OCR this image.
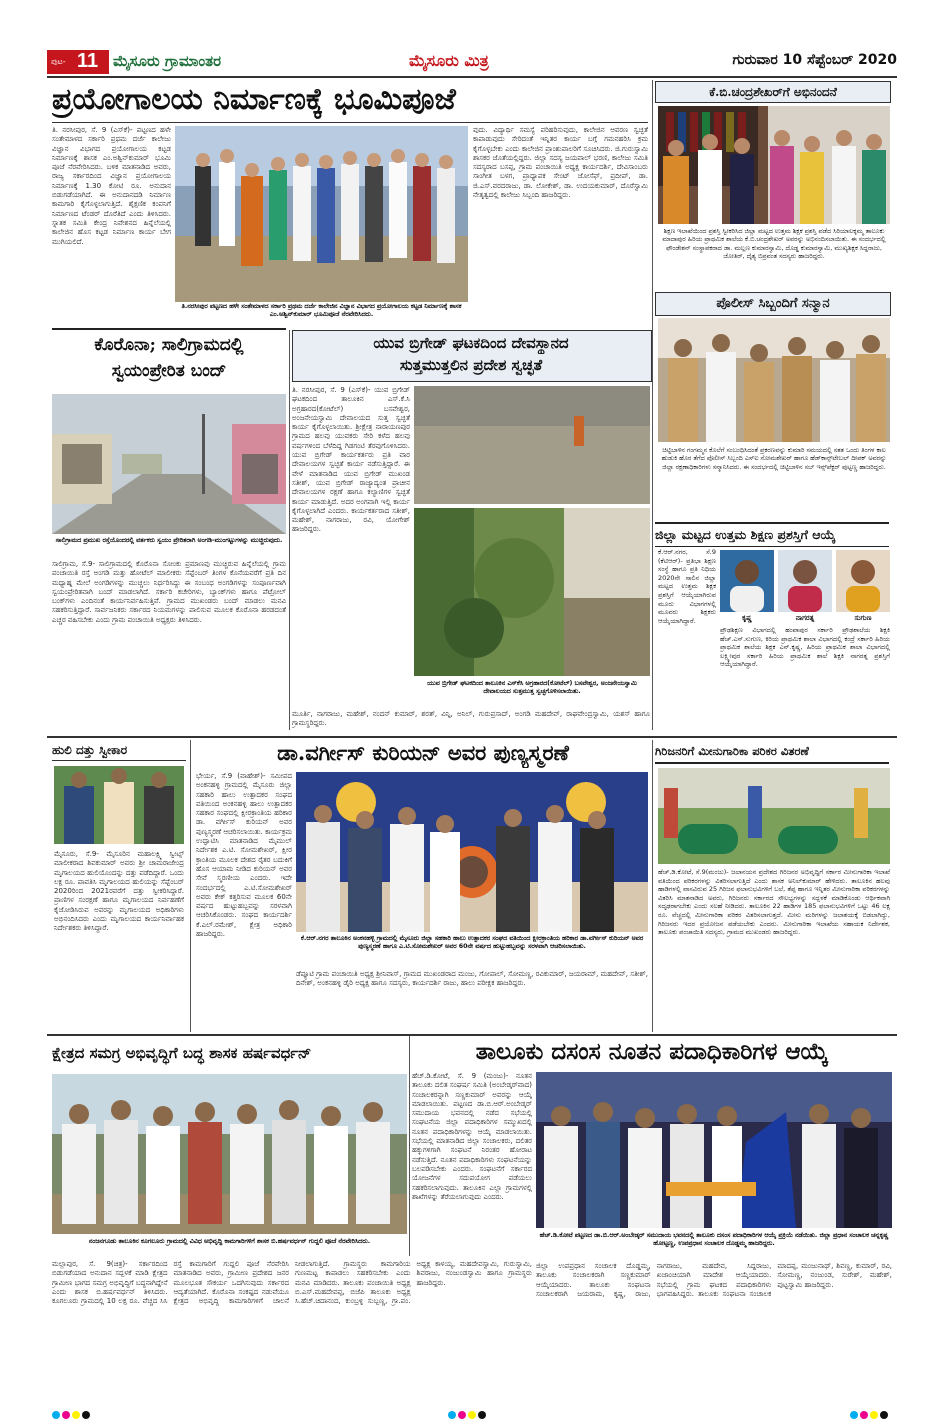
ಪುಟ- 11 ಮೈಸೂರು ಗ್ರಾಮಾಂತರ	ಮೈಸೂರು ಮಿತ್ರ	ಗುರುವಾರ 10 ಸೆಪ್ಟೆಂಬರ್ 2020
ಪ್ರಯೋಗಾಲಯ ನಿರ್ಮಾಣಕ್ಕೆ ಭೂಮಿಪೂಜೆ
ತಿ. ನರಸೀಪುರ, ಸೆ. 9 (ಎಸ್‌ಕೆ)- ಪಟ್ಟಣದ ಹಳೇ ಸಂತೇಮಾಳದ ಸರ್ಕಾರಿ ಪ್ರಥಮ ದರ್ಜೆ ಕಾಲೇಜು ವಿಜ್ಞಾನ ವಿಭಾಗದ ಪ್ರಯೋಗಾಲಯ ಕಟ್ಟಡ ನಿರ್ಮಾಣಕ್ಕೆ ಶಾಸಕ ಎಂ.ಅಶ್ವಿನ್‌ಕುಮಾರ್ ಭೂಮಿ ಪೂಜೆ ನೆರವೇರಿಸಿದರು. ಬಳಿಕ ಮಾತನಾಡಿದ ಅವರು, ರಾಜ್ಯ ಸರ್ಕಾರದಿಂದ ವಿಜ್ಞಾನ ಪ್ರಯೋಗಾಲಯ ನಿರ್ಮಾಣಕ್ಕೆ 1.30 ಕೋಟಿ ರೂ. ಅನುದಾನ ಬಿಡುಗಡೆಯಾಗಿದೆ. ಈ ಅನುದಾನದಡಿ ನಿರ್ಮಾಣ ಕಾಮಗಾರಿ ಕೈಗೊಳ್ಳಲಾಗುತ್ತಿದೆ. ಶೈಕ್ಷಣಿಕ ಕಂಪನಿಗೆ ನಿರ್ಮಾಣದ ಟೆಂಡರ್ ದೊರೆತಿದೆ ಎಂದು ತಿಳಿಸಿದರು. ಸ್ನಾತಕ ಸಮಿತಿ ಕೇಂದ್ರ ನಿವೇಶನದ ಹಿನ್ನೆಲೆಯಲ್ಲಿ ಕಾಲೇಜಿನ ಹೊಸ ಕಟ್ಟಡ ನಿರ್ಮಾಣ ಕಾರ್ಯ ಬೇಗ ಮುಗಿಯಲಿದೆ.
ತಿ.ನರಸೀಪುರ ಪಟ್ಟಣದ ಹಳೇ ಸಂತೇಮಾಳದ ಸರ್ಕಾರಿ ಪ್ರಥಮ ದರ್ಜೆ ಕಾಲೇಜಿನ ವಿಜ್ಞಾನ ವಿಭಾಗದ ಪ್ರಯೋಗಾಲಯ ಕಟ್ಟಡ ನಿರ್ಮಾಣಕ್ಕೆ ಶಾಸಕ ಎಂ.ಅಶ್ವಿನ್‌ಕುಮಾರ್ ಭೂಮಿಪೂಜೆ ನೆರವೇರಿಸಿದರು.
ವುದು. ವಿದ್ಯಾರ್ಥಿ ಸಮಸ್ಯೆ ಪರಿಹರಿಸುವುದು, ಕಾಲೇಜಿನ ಆವರಣ ಸ್ವಚ್ಛತೆ ಕಾಪಾಡುವುದು ಸೇರಿದಂತೆ ಇನ್ನಿತರ ಕಾರ್ಯ ಬಗ್ಗೆ ಗಮನಹರಿಸಿ ಕ್ರಮ ಕೈಗೊಳ್ಳಬೇಕು ಎಂದು ಕಾಲೇಜಿನ ಪ್ರಾಂಶುಪಾಲರಿಗೆ ಸೂಚಿಸಿದರು. ಜಿ.ಗುರುಸ್ವಾಮಿ ಶಾಸಕರ ಜೊತೆಯಲ್ಲಿದ್ದರು. ಜಿಲ್ಲಾ ಸದಸ್ಯ ಜಯಪಾಲ್ ಭರಣಿ, ಕಾಲೇಜು ಸಮಿತಿ ಸದಸ್ಯರಾದ ಬಸಪ್ಪ, ಗ್ರಾಮ ಪಂಚಾಯಿತಿ ಅಧ್ಯಕ್ಷ ಕಾರ್ಯದರ್ಶಿ, ದೇವಿಸಾಂಬರು ಸಾಂಗೀತ ಬಳಗ, ಪ್ರಾಧ್ಯಾಪಕ ಸೇಂಟ್ ಜೋಸೆಫ್, ಪ್ರದೀಪ್, ಡಾ. ಜಿ.ಎಸ್.ವರದರಾಜು, ಡಾ. ಲೋಕೇಶ್, ಡಾ. ಉದಯಕುಮಾರ್, ದೊರೆಸ್ವಾಮಿ ನೇತೃತ್ವದಲ್ಲಿ ಕಾಲೇಜು ಸಿಬ್ಬಂದಿ ಹಾಜರಿದ್ದರು.
ಕೆ.ಬಿ.ಚಂದ್ರಶೇಖರ್‌ಗೆ ಅಭಿನಂದನೆ
ಶಿಕ್ಷಣ ಇಲಾಖೆಯಿಂದ ಪ್ರಶಸ್ತಿ ಸ್ವೀಕರಿಸಿದ ಜಿಲ್ಲಾ ಮಟ್ಟದ ಉತ್ತಮ ಶಿಕ್ಷಕ ಪ್ರಶಸ್ತಿ ಪಡೆದ ಸಿರಿಯಾಲಕ್ಕಮ್ಮ ತಾಲೂಕು ಮಾದಾಪುರ ಹಿರಿಯ ಪ್ರಾಥಮಿಕ ಶಾಲೆಯ ಕೆ.ಬಿ.ಚಂದ್ರಶೇಖರ್ ಅವರನ್ನು ಅಭಿನಂದಿಸಲಾಯಿತು. ಈ ಸಂದರ್ಭದಲ್ಲಿ ಫೌಂಡೇಶನ್ ಸಂಸ್ಥಾಪಕರಾದ ಡಾ. ಮಲ್ಲಣ ಕುಮಾರಸ್ವಾಮಿ, ದೊಡ್ಡ ಕುಮಾರಸ್ವಾಮಿ, ಮುಖ್ಯಶಿಕ್ಷಕ ಸಿದ್ದರಾಜು, ಜೋತಿರ್, ದೈತ್ಯ ಬಿಪ್ರವಂತ ಸದಸ್ಯರು ಹಾಜರಿದ್ದರು.
ಪೊಲೀಸ್ ಸಿಬ್ಬಂದಿಗೆ ಸನ್ಮಾನ
ಚಿಟ್ಟಿಬಾಳಿನ ಗಂಗಮ್ಮನ ಕೊಲೆಗೆ ಸಂಬಂಧಿಸಿದಂತೆ ಪ್ರಕರಣವನ್ನು ಕುಮಾರಿ ಸಮಯದಲ್ಲಿ ಸತತ ಒಂದು ತಿಂಗಳ ಕಾಲ ಹುಡುಕಿ ಹೊರ ತೆಗೆದ ಪೊಲೀಸ್ ಸಿಬ್ಬಂದಿ ಎಸ್‌ಐ ಸೋಮಶೇಖರ್ ಹಾಗೂ ಹೆಡ್‌ಕಾನ್ಸ್‌ಟೇಬಲ್ ದೀಪಕ್ ಅವರನ್ನು ಜಿಲ್ಲಾ ರಕ್ಷಣಾಧಿಕಾರಿಗಳು ಸನ್ಮಾನಿಸಿದರು. ಈ ಸಂದರ್ಭದಲ್ಲಿ ಚಿಟ್ಟಿಬಾಳಿನ ಸಬ್ ಇನ್ಸ್‌ಪೆಕ್ಟರ್ ಪುಟ್ಟಣ್ಣ ಹಾಜರಿದ್ದರು.
ಜಿಲ್ಲಾ ಮಟ್ಟದ ಉತ್ತಮ ಶಿಕ್ಷಣ ಪ್ರಶಸ್ತಿಗೆ ಆಯ್ಕೆ
ಕೆ.ಆರ್.ನಗರ, ಸೆ.9 (ಕೆಟಿಆರ್)- ಪ್ರತಿಭಾ ಶಿಕ್ಷಣ ಸಂಸ್ಥೆ ಹಾಗೂ ಪ್ರತಿ ನಿಧಿಯ 2020ನೇ ಸಾಲಿನ ಜಿಲ್ಲಾ ಮಟ್ಟದ ಉತ್ತಮ ಶಿಕ್ಷಕ ಪ್ರಶಸ್ತಿಗೆ ಆಯ್ಕೆಯಾಗಿರುವ ಮೂರು ವಿಭಾಗಗಳಲ್ಲಿ ಮೂವರು ಶಿಕ್ಷಕರು ಆಯ್ಕೆಯಾಗಿದ್ದಾರೆ.	ಕೃಷ್ಣ	ನಾಗರತ್ನ	ಸುಗುಣ
ಪ್ರೌಢಶಿಕ್ಷಣ ವಿಭಾಗದಲ್ಲಿ ಹಂಪಾಪುರ ಸರ್ಕಾರಿ ಪ್ರೌಢಶಾಲೆಯ ಶಿಕ್ಷಕಿ ಹೆಚ್.ಎಸ್.ಸುಗುಣ, ಕಿರಿಯ ಪ್ರಾಥಮಿಕ ಶಾಲಾ ವಿಭಾಗದಲ್ಲಿ ಕಂದ್ರೆ ಸರ್ಕಾರಿ ಹಿರಿಯ ಪ್ರಾಥಮಿಕ ಶಾಲೆಯ ಶಿಕ್ಷಕ ಎನ್.ಕೃಷ್ಣ, ಹಿರಿಯ ಪ್ರಾಥಮಿಕ ಶಾಲಾ ವಿಭಾಗದಲ್ಲಿ ಲಕ್ಷ್ಮೀಪುರ ಸರ್ಕಾರಿ ಹಿರಿಯ ಪ್ರಾಥಮಿಕ ಶಾಲೆ ಶಿಕ್ಷಕಿ ನಾಗರತ್ನ ಪ್ರಶಸ್ತಿಗೆ ಆಯ್ಕೆಯಾಗಿದ್ದಾರೆ.
ಕೊರೊನಾ; ಸಾಲಿಗ್ರಾಮದಲ್ಲಿ
ಸ್ವಯಂಪ್ರೇರಿತ ಬಂದ್
ಸಾಲಿಗ್ರಾಮದ ಪ್ರಮುಖ ರಸ್ತೆಯೊಂದರಲ್ಲಿ ವರ್ತಕರು ಸ್ವಯಂ ಪ್ರೇರಿತರಾಗಿ ಅಂಗಡಿ-ಮುಂಗಟ್ಟುಗಳನ್ನು ಮುಚ್ಚಿರುವುದು.
ಸಾಲಿಗ್ರಾಮ, ಸೆ.9- ಸಾಲಿಗ್ರಾಮದಲ್ಲಿ ಕೊರೊನಾ ಸೋಂಕು ಪ್ರಮಾಣವು ಮುಚ್ಚಿರುವ ಹಿನ್ನೆಲೆಯಲ್ಲಿ ಗ್ರಾಮ ಪಂಚಾಯಿತಿ ರಸ್ತೆ ಅಂಗಡಿ ಮತ್ತು ಹೋಟೆಲ್ ಮಾಲೀಕರು ಸೆಪ್ಟೆಂಬರ್ ತಿಂಗಳ ಕೊನೆಯವರೆಗೆ ಪ್ರತಿ ದಿನ ಮಧ್ಯಾಹ್ನ ಮೇಲೆ ಅಂಗಡಿಗಳನ್ನು ಮುಚ್ಚಲು ನಿರ್ಧರಿಸಿದ್ದು ಈ ಸಂಬಂಧ ಅಂಗಡಿಗಳನ್ನು ಸಂಪೂರ್ಣವಾಗಿ ಸ್ವಯಂಪ್ರೇರಿತವಾಗಿ ಬಂದ್ ಮಾಡಲಾಗಿದೆ. ಸರ್ಕಾರಿ ಕಚೇರಿಗಳು, ಬ್ಯಾಂಕ್‌ಗಳು ಹಾಗೂ ಪೆಟ್ರೋಲ್ ಬಂಕ್‌ಗಳು ಎಂದಿನಂತೆ ಕಾರ್ಯನಿರ್ವಹಿಸುತ್ತಿವೆ. ಗ್ರಾಮದ ಮುಖಂಡರು ಬಂದ್ ಮಾಡಲು ಮನವಿ ಸಹಕರಿಸುತ್ತಿದ್ದಾರೆ. ಸಾರ್ವಜನಿಕರು ಸರ್ಕಾರದ ನಿಯಮಗಳನ್ನು ಪಾಲಿಸುವ ಮೂಲಕ ಕೊರೊನಾ ಹರಡದಂತೆ ಎಚ್ಚರ ವಹಿಸಬೇಕು ಎಂದು ಗ್ರಾಮ ಪಂಚಾಯಿತಿ ಅಧ್ಯಕ್ಷರು ತಿಳಿಸಿದರು.
ಯುವ ಬ್ರಿಗೇಡ್ ಘಟಕದಿಂದ ದೇವಸ್ಥಾನದ
ಸುತ್ತಮುತ್ತಲಿನ ಪ್ರದೇಶ ಸ್ವಚ್ಛತೆ
ತಿ. ನರಸೀಪುರ, ಸೆ. 9 (ಎಸ್‌ಕೆ)- ಯುವ ಬ್ರಿಗೇಡ್ ಘಟಕದಿಂದ ತಾಲೂಕಿನ ಎಸ್‌.ಕೆ.ಸಿ ಅಗ್ರಹಾರದ(ಕೋಟೆಲ್) ಬಸವೇಶ್ವರ, ಅಂಜನೇಯಸ್ವಾಮಿ ದೇವಾಲಯದ ಸುತ್ತ ಸ್ವಚ್ಛತೆ ಕಾರ್ಯ ಕೈಗೊಳ್ಳಲಾಯಿತು. ಶ್ರೀಕ್ಷೇತ್ರ ನಾರಾಯಣಪುರ ಗ್ರಾಮದ ಹಲವು ಯುವಕರು ಸೇರಿ ಕಳೆದ ಹಲವು ವರ್ಷಗಳಿಂದ ಬೆಳೆದಿದ್ದ ಗಿಡಗಂಟಿ ತೆರವುಗೊಳಿಸಿದರು. ಯುವ ಬ್ರಿಗೇಡ್ ಕಾರ್ಯಕರ್ತರು ಪ್ರತಿ ವಾರ ದೇವಾಲಯಗಳ ಸ್ವಚ್ಛತೆ ಕಾರ್ಯ ನಡೆಸುತ್ತಿದ್ದಾರೆ. ಈ ವೇಳೆ ಮಾತನಾಡಿದ ಯುವ ಬ್ರಿಗೇಡ್ ಮುಖಂಡ ಸತೀಶ್, ಯುವ ಬ್ರಿಗೇಡ್ ರಾಜ್ಯಾದ್ಯಂತ ಪ್ರಾಚೀನ ದೇವಾಲಯಗಳ ರಕ್ಷಣೆ ಹಾಗೂ ಕಲ್ಯಾಣಿಗಳ ಸ್ವಚ್ಛತೆ ಕಾರ್ಯ ಮಾಡುತ್ತಿದೆ. ಅದರ ಅಂಗವಾಗಿ ಇಲ್ಲಿ ಕಾರ್ಯ ಕೈಗೊಳ್ಳಲಾಗಿದೆ ಎಂದರು. ಕಾರ್ಯಕರ್ತರಾದ ಸತೀಶ್, ಮಹೇಶ್, ನಾಗರಾಜು, ರವಿ, ಯೋಗೇಶ್ ಹಾಜರಿದ್ದರು.
ಯುವ ಬ್ರಿಗೇಡ್ ಘಟಕದಿಂದ ತಾಲೂಕಿನ ಎಸ್‌ಕೆಸಿ ಅಗ್ರಹಾರದ(ಕೋಟೆಲ್) ಬಸವೇಶ್ವರ, ಅಂಜನೇಯಸ್ವಾಮಿ ದೇವಾಲಯದ ಸುತ್ತಮುತ್ತ ಸ್ವಚ್ಛಗೊಳಿಸಲಾಯಿತು.
ಮೂರ್ತಿ, ನಾಗರಾಜು, ಮಹೇಶ್, ನಂದನ್ ಕುಮಾರ್, ಶರತ್, ವಿನ್ನಿ, ಅನಿಲ್, ಗುರುಪ್ರಸಾದ್, ಅಂಗಡಿ ಮಹದೇವ್, ರಾಘವೇಂದ್ರಸ್ವಾಮಿ, ಯಶಸ್ ಹಾಗೂ ಗ್ರಾಮಸ್ಥರಿದ್ದರು.
ಹುಲಿ ದತ್ತು ಸ್ವೀಕಾರ
ಮೈಸೂರು, ಸೆ.9- ಮೈಸೂರಿನ ಮಹಾಲಕ್ಷ್ಮಿ ಸ್ವೀಟ್ಸ್ ಮಾಲೀಕರಾದ ಶಿವಕುಮಾರ್ ಅವರು ಶ್ರೀ ಚಾಮರಾಜೇಂದ್ರ ಮೃಗಾಲಯದ ಹುಲಿಯೊಂದನ್ನು ದತ್ತು ಪಡೆದಿದ್ದಾರೆ. ಒಂದು ಲಕ್ಷ ರೂ. ಪಾವತಿಸಿ ಮೃಗಾಲಯದ ಹುಲಿಯನ್ನು ಸೆಪ್ಟೆಂಬರ್ 2020ರಿಂದ 2021ರವರೆಗೆ ದತ್ತು ಸ್ವೀಕರಿಸಿದ್ದಾರೆ. ಪ್ರಾಣಿಗಳ ಸಂರಕ್ಷಣೆ ಹಾಗೂ ಮೃಗಾಲಯದ ನಿರ್ವಹಣೆಗೆ ಕೈಜೋಡಿಸಿರುವ ಅವರನ್ನು ಮೃಗಾಲಯದ ಅಧಿಕಾರಿಗಳು ಅಭಿನಂದಿಸಿದರು ಎಂದು ಮೃಗಾಲಯದ ಕಾರ್ಯನಿರ್ವಾಹಕ ನಿರ್ದೇಶಕರು ತಿಳಿಸಿದ್ದಾರೆ.
ಡಾ.ವರ್ಗೀಸ್ ಕುರಿಯನ್ ಅವರ ಪುಣ್ಯಸ್ಮರಣೆ
ಭೇರ್ಯ, ಸೆ.9 (ವಾಹೇಶ್)- ಸಮೀಪದ ಅಂಕನಹಳ್ಳಿ ಗ್ರಾಮದಲ್ಲಿ ಮೈಸೂರು ಜಿಲ್ಲಾ ಸಹಕಾರಿ ಹಾಲು ಉತ್ಪಾದಕರ ಸಂಘದ ವತಿಯಿಂದ ಅಂಕನಹಳ್ಳಿ ಹಾಲು ಉತ್ಪಾದಕರ ಸಹಕಾರ ಸಂಘದಲ್ಲಿ ಕ್ಷೀರಕ್ರಾಂತಿಯ ಹರಿಕಾರ ಡಾ. ವರ್ಗೀಸ್ ಕುರಿಯನ್ ಅವರ ಪುಣ್ಯಸ್ಮರಣೆ ಆಚರಿಸಲಾಯಿತು. ಕಾರ್ಯಕ್ರಮ ಉದ್ಘಾಟಿಸಿ ಮಾತನಾಡಿದ ಮೈಮುಲ್ ನಿರ್ದೇಶಕ ಎ.ಟಿ. ಸೋಮಶೇಖರ್, ಕ್ಷೀರ ಕ್ರಾಂತಿಯ ಮೂಲಕ ದೇಶದ ರೈತರ ಬದುಕಿಗೆ ಹೊಸ ಆಯಾಮ ನೀಡಿದ ಕುರಿಯನ್ ಅವರ ಸೇವೆ ಸ್ಮರಣೀಯ ಎಂದರು. ಇದೇ ಸಂದರ್ಭದಲ್ಲಿ ಎ.ಟಿ.ಸೋಮಶೇಖರ್ ಅವರು ಕೇಕ್ ಕತ್ತರಿಸುವ ಮೂಲಕ 60ನೇ ವರ್ಷದ ಹುಟ್ಟುಹಬ್ಬವನ್ನು ಸರಳವಾಗಿ ಆಚರಿಸಿಕೊಂಡರು. ಸಂಘದ ಕಾರ್ಯದರ್ಶಿ ಕೆ.ಎಲ್.ರಮೇಶ್, ಕ್ಷೇತ್ರ ಅಧಿಕಾರಿ ಹಾಜರಿದ್ದರು.
ಕೆ.ಆರ್.ನಗರ ತಾಲೂಕಿನ ಅಂಕನಹಳ್ಳಿ ಗ್ರಾಮದಲ್ಲಿ ಮೈಸೂರು ಜಿಲ್ಲಾ ಸಹಕಾರಿ ಹಾಲು ಉತ್ಪಾದಕರ ಸಂಘದ ವತಿಯಿಂದ ಕ್ಷೀರಕ್ರಾಂತಿಯ ಹರಿಕಾರ ಡಾ.ವರ್ಗೀಸ್ ಕುರಿಯನ್ ಅವರ ಪುಣ್ಯಸ್ಮರಣೆ ಹಾಗೂ ಎ.ಟಿ.ಸೋಮಶೇಖರ್ ಅವರ 60ನೇ ವರ್ಷದ ಹುಟ್ಟುಹಬ್ಬವನ್ನು ಸರಳವಾಗಿ ಆಚರಿಸಲಾಯಿತು.
ಡೆಪ್ಯೂಟಿ ಗ್ರಾಮ ಪಂಚಾಯಿತಿ ಅಧ್ಯಕ್ಷ ಶ್ರೀನಿವಾಸ್, ಗ್ರಾಮದ ಮುಖಂಡರಾದ ಮಂಜು, ಗೋಪಾಲ್, ಸೋಮಣ್ಣ, ರವಿಕುಮಾರ್, ಜಯರಾಮ್, ಮಹದೇವ್, ಸತೀಶ್, ದಿನೇಶ್, ಅಂಕನಹಳ್ಳಿ ಡೈರಿ ಅಧ್ಯಕ್ಷ ಹಾಗೂ ಸದಸ್ಯರು, ಕಾರ್ಯದರ್ಶಿ ರಾಜು, ಹಾಲು ಪರೀಕ್ಷಕ ಹಾಜರಿದ್ದರು.
ಗಿರಿಜನರಿಗೆ ಮೀನುಗಾರಿಕಾ ಪರಿಕರ ವಿತರಣೆ
ಹೆಚ್.ಡಿ.ಕೋಟೆ, ಸೆ.9(ಮಂಜು)- ಜಲಾನಯನ ಪ್ರದೇಶದ ಗಿರಿಜನರ ಅಭಿವೃದ್ಧಿಗೆ ಸರ್ಕಾರ ಮೀನುಗಾರಿಕಾ ಇಲಾಖೆ ವತಿಯಿಂದ ಪರಿಕರಗಳನ್ನು ವಿತರಿಸಲಾಗುತ್ತಿದೆ ಎಂದು ಶಾಸಕ ಅನಿಲ್‌ಕುಮಾರ್ ಹೇಳಿದರು. ತಾಲೂಕಿನ ಹಲವು ಹಾಡಿಗಳಲ್ಲಿ ವಾಸವಿರುವ 25 ಗಿರಿಜನ ಫಲಾನುಭವಿಗಳಿಗೆ ಬಲೆ, ತೆಪ್ಪ ಹಾಗೂ ಇನ್ನಿತರ ಮೀನುಗಾರಿಕಾ ಪರಿಕರಗಳನ್ನು ವಿತರಿಸಿ ಮಾತನಾಡಿದ ಅವರು, ಗಿರಿಜನರು ಸರ್ಕಾರದ ಸೌಲಭ್ಯಗಳನ್ನು ಸದ್ಬಳಕೆ ಮಾಡಿಕೊಂಡು ಆರ್ಥಿಕವಾಗಿ ಸದೃಢರಾಗಬೇಕು ಎಂದು ಸಲಹೆ ನೀಡಿದರು. ತಾಲೂಕಿನ 22 ಹಾಡಿಗಳ 185 ಫಲಾನುಭವಿಗಳಿಗೆ ಒಟ್ಟು 46 ಲಕ್ಷ ರೂ. ವೆಚ್ಚದಲ್ಲಿ ಮೀನುಗಾರಿಕಾ ಪರಿಕರ ವಿತರಿಸಲಾಗುತ್ತದೆ. ಮೀನು ಮರಿಗಳನ್ನು ಜಲಾಶಯಕ್ಕೆ ಬಿಡಲಾಗಿದ್ದು, ಗಿರಿಜನರು ಇದರ ಪ್ರಯೋಜನ ಪಡೆಯಬೇಕು ಎಂದರು. ಮೀನುಗಾರಿಕಾ ಇಲಾಖೆಯ ಸಹಾಯಕ ನಿರ್ದೇಶಕ, ತಾಲೂಕು ಪಂಚಾಯಿತಿ ಸದಸ್ಯರು, ಗ್ರಾಮದ ಮುಖಂಡರು ಹಾಜರಿದ್ದರು.
ಕ್ಷೇತ್ರದ ಸಮಗ್ರ ಅಭಿವೃದ್ಧಿಗೆ ಬದ್ಧ ಶಾಸಕ ಹರ್ಷವರ್ಧನ್
ನಂಜನಗೂಡು ತಾಲೂಕಿನ ಕೂಗಲೂರು ಗ್ರಾಮದಲ್ಲಿ ವಿವಿಧ ಅಭಿವೃದ್ಧಿ ಕಾಮಗಾರಿಗಳಿಗೆ ಶಾಸಕ ಬಿ.ಹರ್ಷವರ್ಧನ್ ಗುದ್ದಲಿ ಪೂಜೆ ನೆರವೇರಿಸಿದರು.
ಮಲ್ಲಾಪುರ, ಸೆ. 9(ಚಿತ್ರ)- ಸರ್ಕಾರದಿಂದ ಬಿಡುಗಡೆಯಾದ ಅನುದಾನ ಸದ್ಬಳಕೆ ಮಾಡಿ ಕ್ಷೇತ್ರದ ಗ್ರಾಮೀಣ ಭಾಗದ ಸಮಗ್ರ ಅಭಿವೃದ್ಧಿಗೆ ಬದ್ಧನಾಗಿದ್ದೇನೆ ಎಂದು ಶಾಸಕ ಬಿ.ಹರ್ಷವರ್ಧನ್ ತಿಳಿಸಿದರು. ಕೂಗಲೂರು ಗ್ರಾಮದಲ್ಲಿ 10 ಲಕ್ಷ ರೂ. ವೆಚ್ಚದ ಸಿಸಿ ರಸ್ತೆ ಕಾಮಗಾರಿಗೆ ಗುದ್ದಲಿ ಪೂಜೆ ನೆರವೇರಿಸಿ ಮಾತನಾಡಿದ ಅವರು, ಗ್ರಾಮೀಣ ಪ್ರದೇಶದ ಜನರ ಮೂಲಭೂತ ಸೌಕರ್ಯ ಒದಗಿಸುವುದು ಸರ್ಕಾರದ ಆದ್ಯತೆಯಾಗಿದೆ. ಕೊರೊನಾ ಸಂಕಷ್ಟದ ನಡುವೆಯೂ ಕ್ಷೇತ್ರದ ಅಭಿವೃದ್ಧಿ ಕಾಮಗಾರಿಗಳಿಗೆ ಚಾಲನೆ ನೀಡಲಾಗುತ್ತಿದೆ. ಗ್ರಾಮಸ್ಥರು ಕಾಮಗಾರಿಯ ಗುಣಮಟ್ಟ ಕಾಪಾಡಲು ಸಹಕರಿಸಬೇಕು ಎಂದು ಮನವಿ ಮಾಡಿದರು. ತಾಲೂಕು ಪಂಚಾಯಿತಿ ಅಧ್ಯಕ್ಷ ಬಿ.ಎಸ್.ಮಹದೇವಪ್ಪ, ಬಿಜೆಪಿ ತಾಲೂಕು ಅಧ್ಯಕ್ಷ ಸಿ.ಹೆಚ್.ಚಿದಾನಂದ, ಕುಂಬ್ರಳ್ಳಿ ಸುಬ್ಬಣ್ಣ, ಗ್ರಾ.ಪಂ. ಅಧ್ಯಕ್ಷ ಕಾಳಯ್ಯ, ಮಹದೇವಸ್ವಾಮಿ, ಗುರುಸ್ವಾಮಿ, ಶಿವರಾಜು, ನಂಜುಂಡಸ್ವಾಮಿ ಹಾಗೂ ಗ್ರಾಮಸ್ಥರು ಹಾಜರಿದ್ದರು.
ತಾಲೂಕು ದಸಂಸ ನೂತನ ಪದಾಧಿಕಾರಿಗಳ ಆಯ್ಕೆ
ಹೆಚ್.ಡಿ.ಕೋಟೆ, ಸೆ. 9 (ಮಂಜು)- ನೂತನ ತಾಲೂಕು ದಲಿತ ಸಂಘರ್ಷ ಸಮಿತಿ (ಅಂಬೇಡ್ಕರ್‌ವಾದ) ಸಂಚಾಲಕರನ್ನಾಗಿ ಸಣ್ಣಕುಮಾರ್ ಅವರನ್ನು ಆಯ್ಕೆ ಮಾಡಲಾಯಿತು. ಪಟ್ಟಣದ ಡಾ.ಬಿ.ಆರ್.ಅಂಬೇಡ್ಕರ್ ಸಮುದಾಯ ಭವನದಲ್ಲಿ ನಡೆದ ಸಭೆಯಲ್ಲಿ ಸಂಘಟನೆಯ ಜಿಲ್ಲಾ ಪದಾಧಿಕಾರಿಗಳ ಸಮ್ಮುಖದಲ್ಲಿ ನೂತನ ಪದಾಧಿಕಾರಿಗಳನ್ನು ಆಯ್ಕೆ ಮಾಡಲಾಯಿತು. ಸಭೆಯಲ್ಲಿ ಮಾತನಾಡಿದ ಜಿಲ್ಲಾ ಸಂಚಾಲಕರು, ದಲಿತರ ಹಕ್ಕುಗಳಿಗಾಗಿ ಸಂಘಟನೆ ನಿರಂತರ ಹೋರಾಟ ನಡೆಸುತ್ತಿದೆ. ನೂತನ ಪದಾಧಿಕಾರಿಗಳು ಸಂಘಟನೆಯನ್ನು ಬಲಪಡಿಸಬೇಕು ಎಂದರು. ಸಂಘಟನೆಗೆ ಸರ್ಕಾರದ ಯೋಜನೆಗಳ ಸದುಪಯೋಗ ಪಡೆಯಲು ಸಹಕರಿಸಲಾಗುವುದು. ತಾಲೂಕಿನ ಎಲ್ಲಾ ಗ್ರಾಮಗಳಲ್ಲಿ ಶಾಖೆಗಳನ್ನು ತೆರೆಯಲಾಗುವುದು ಎಂದರು.
ಹೆಚ್.ಡಿ.ಕೋಟೆ ಪಟ್ಟಣದ ಡಾ.ಬಿ.ಆರ್.ಅಂಬೇಡ್ಕರ್ ಸಮುದಾಯ ಭವನದಲ್ಲಿ ತಾಲೂಕು ದಸಂಸ ಪದಾಧಿಕಾರಿಗಳ ಆಯ್ಕೆ ಪ್ರಕ್ರಿಯೆ ನಡೆಯಿತು. ಜಿಲ್ಲಾ ಪ್ರಧಾನ ಸಂಚಾಲಕ ಚನ್ನಕೃಷ್ಣ ಹೋಟ್ಟಣ್ಣ, ಉಪಪ್ರಧಾನ ಸಂಚಾಲಕ ದೊಡ್ಡಮ್ಮ ಹಾಜರಿದ್ದರು.
ಜಿಲ್ಲಾ ಉಪಪ್ರಧಾನ ಸಂಚಾಲಕ ದೊಡ್ಡಮ್ಮ, ತಾಲೂಕು ಸಂಚಾಲಕರಾಗಿ ಸಣ್ಣಕುಮಾರ್ ಆಯ್ಕೆಯಾದರು. ತಾಲೂಕು ಸಂಘಟನಾ ಸಂಚಾಲಕರಾಗಿ ಜಯರಾಮ, ಕೃಷ್ಣ, ರಾಜು, ನಾಗರಾಜು, ಮಹದೇವ, ಸಿದ್ದರಾಜು, ಖಜಾಂಚಿಯಾಗಿ ಮಾದೇಶ ಆಯ್ಕೆಯಾದರು. ಸಭೆಯಲ್ಲಿ ಗ್ರಾಮ ಘಟಕದ ಪದಾಧಿಕಾರಿಗಳು ಭಾಗವಹಿಸಿದ್ದರು. ತಾಲೂಕು ಸಂಘಟನಾ ಸಂಚಾಲಕ ಮಾದಪ್ಪ, ಮಂಜುನಾಥ್, ಶಿವಣ್ಣ, ಕುಮಾರ್, ರವಿ, ಸೋಮಣ್ಣ, ನಂಜುಂಡ, ಸುರೇಶ್, ಮಹೇಶ್, ಪುಟ್ಟಸ್ವಾಮಿ ಹಾಜರಿದ್ದರು.
